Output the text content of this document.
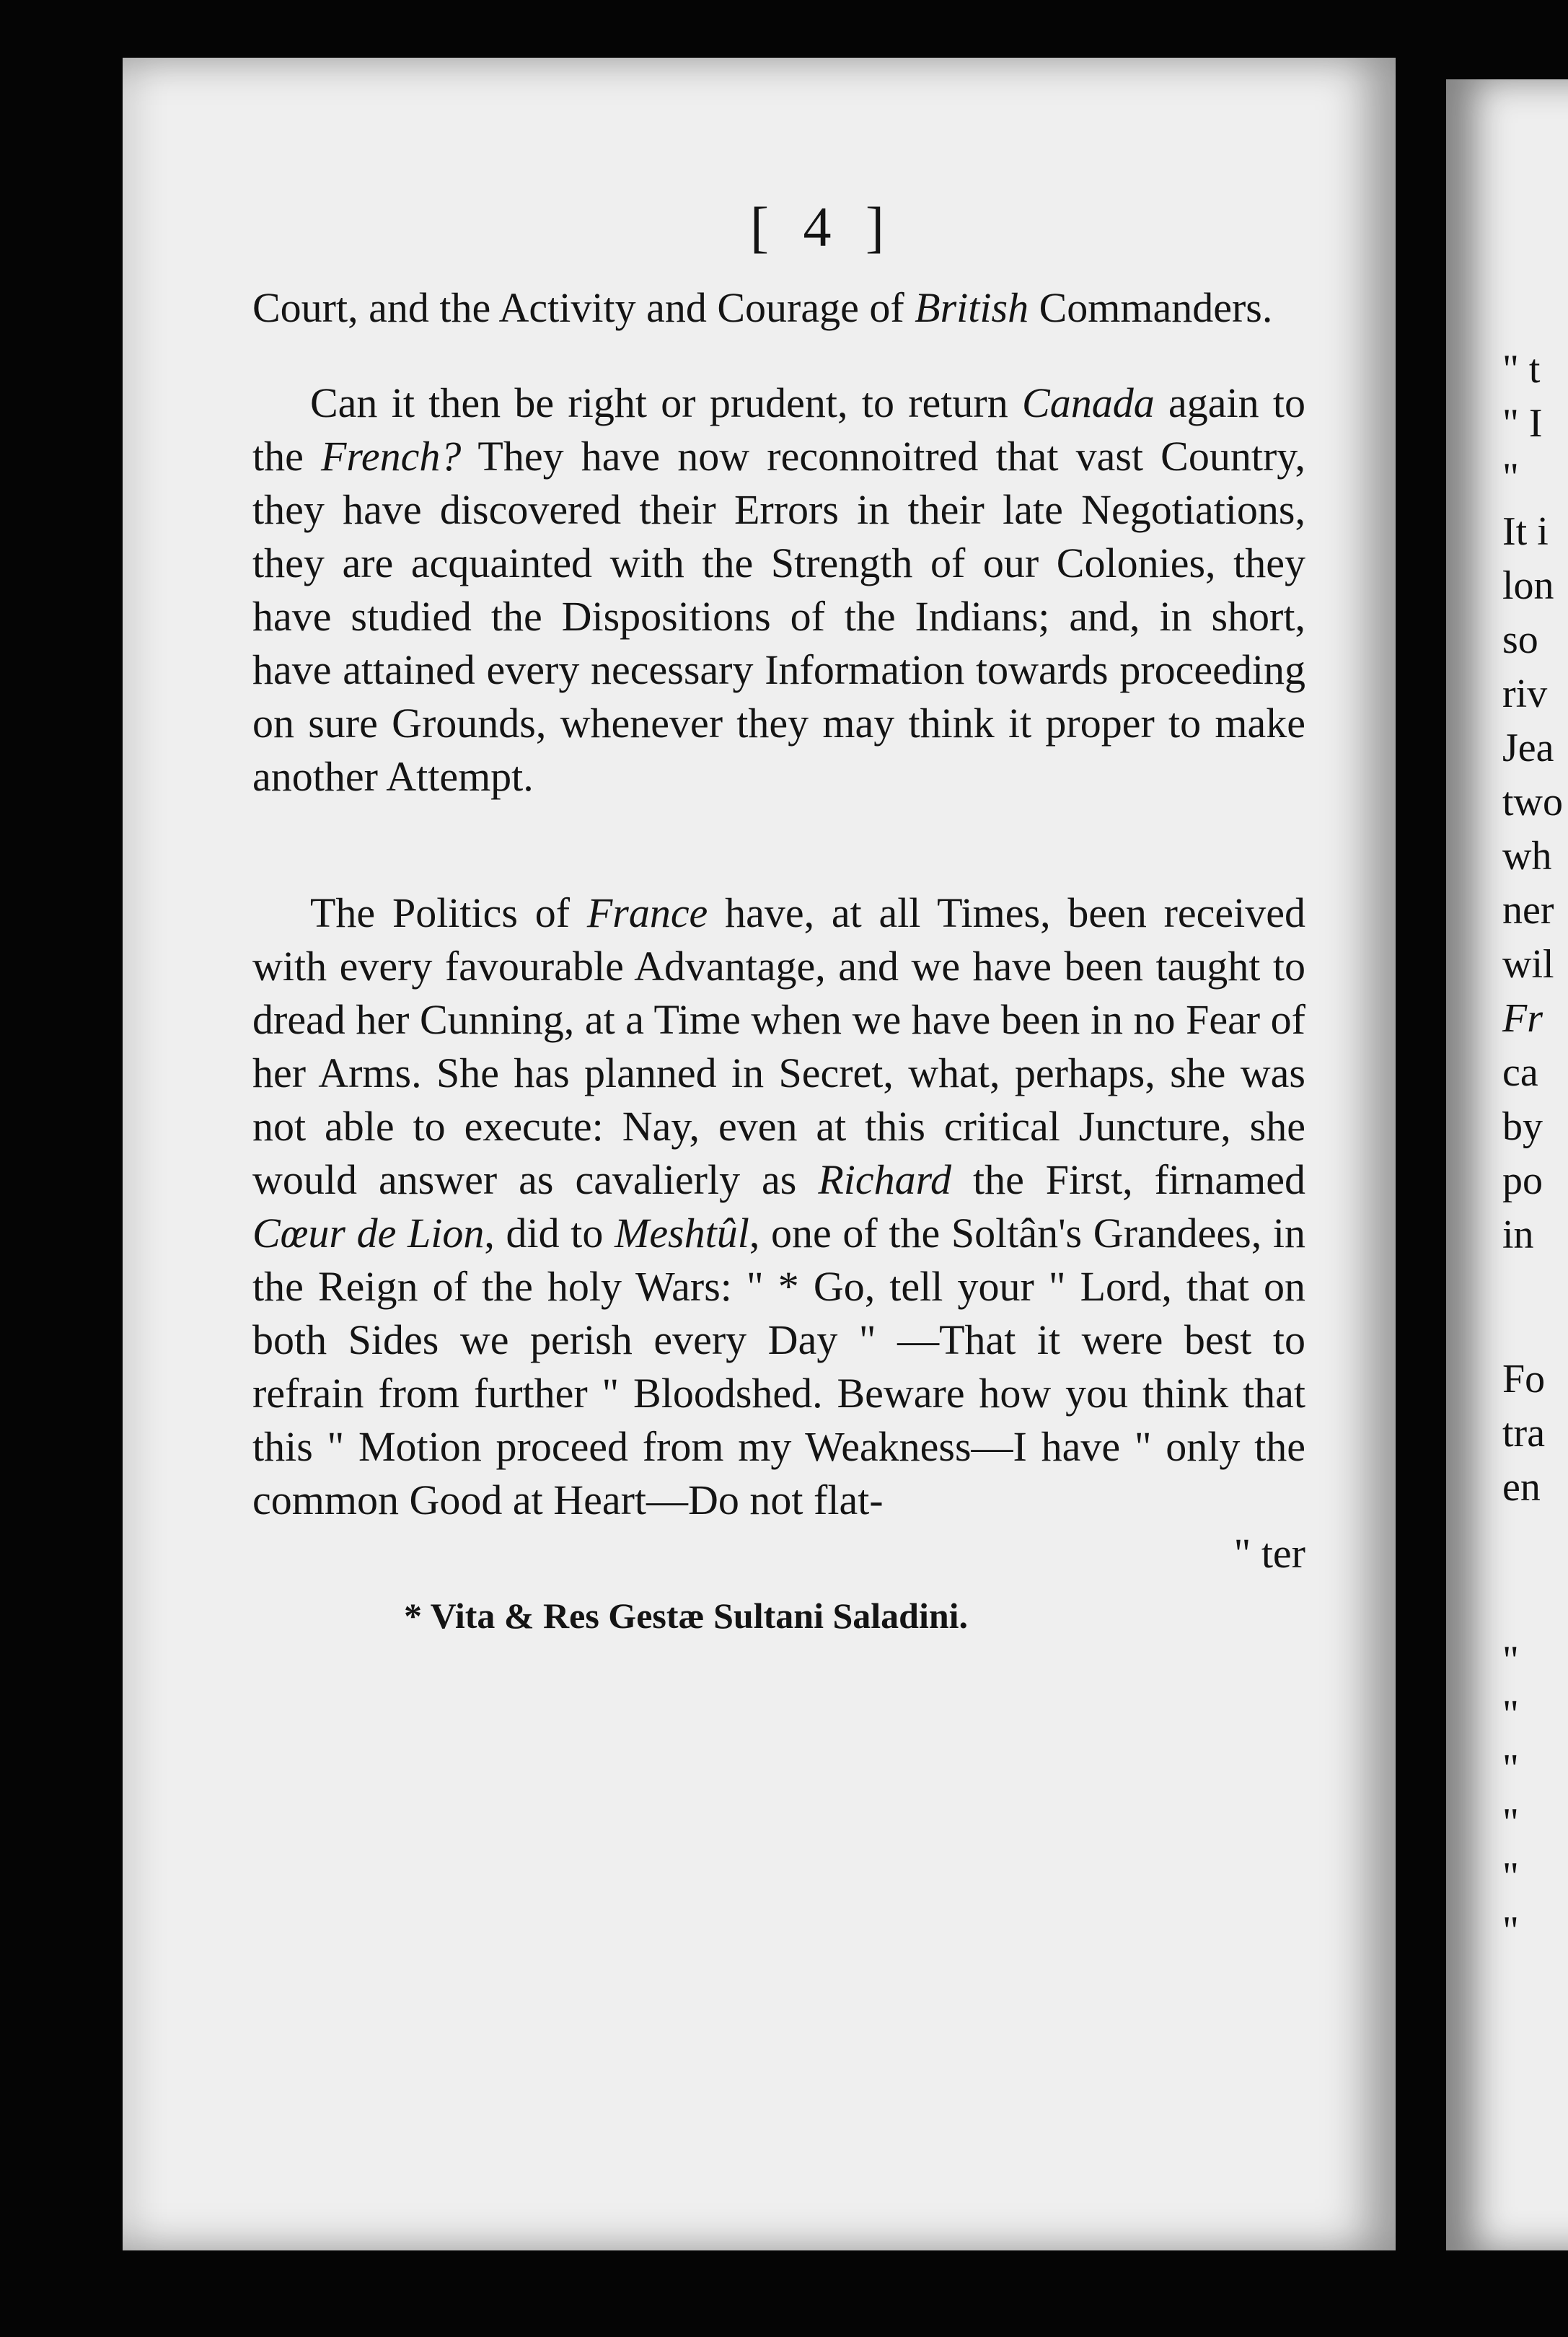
" t
" I
"
It i
lon
so
riv
Jea
two
wh
ner
wil
Fr
ca
by
po
in
Fo
tra
en
"
"
"
"
"
"
[ 4 ]

Court, and the Activity and Courage of British Commanders.

Can it then be right or prudent, to return Canada again to the French? They have now reconnoitred that vast Country, they have discovered their Errors in their late Negotiations, they are acquainted with the Strength of our Colonies, they have studied the Dispositions of the Indians; and, in short, have attained every necessary Information towards proceeding on sure Grounds, whenever they may think it proper to make another Attempt.

The Politics of France have, at all Times, been received with every favourable Advantage, and we have been taught to dread her Cunning, at a Time when we have been in no Fear of her Arms. She has planned in Secret, what, perhaps, she was not able to execute: Nay, even at this critical Juncture, she would answer as cavalierly as Richard the First, firnamed Cœur de Lion, did to Meshtûl, one of the Soltân's Grandees, in the Reign of the holy Wars: " * Go, tell your " Lord, that on both Sides we perish every Day " —That it were best to refrain from further " Bloodshed. Beware how you think that this " Motion proceed from my Weakness—I have " only the common Good at Heart—Do not flat-

" ter
* Vita & Res Gestæ Sultani Saladini.
